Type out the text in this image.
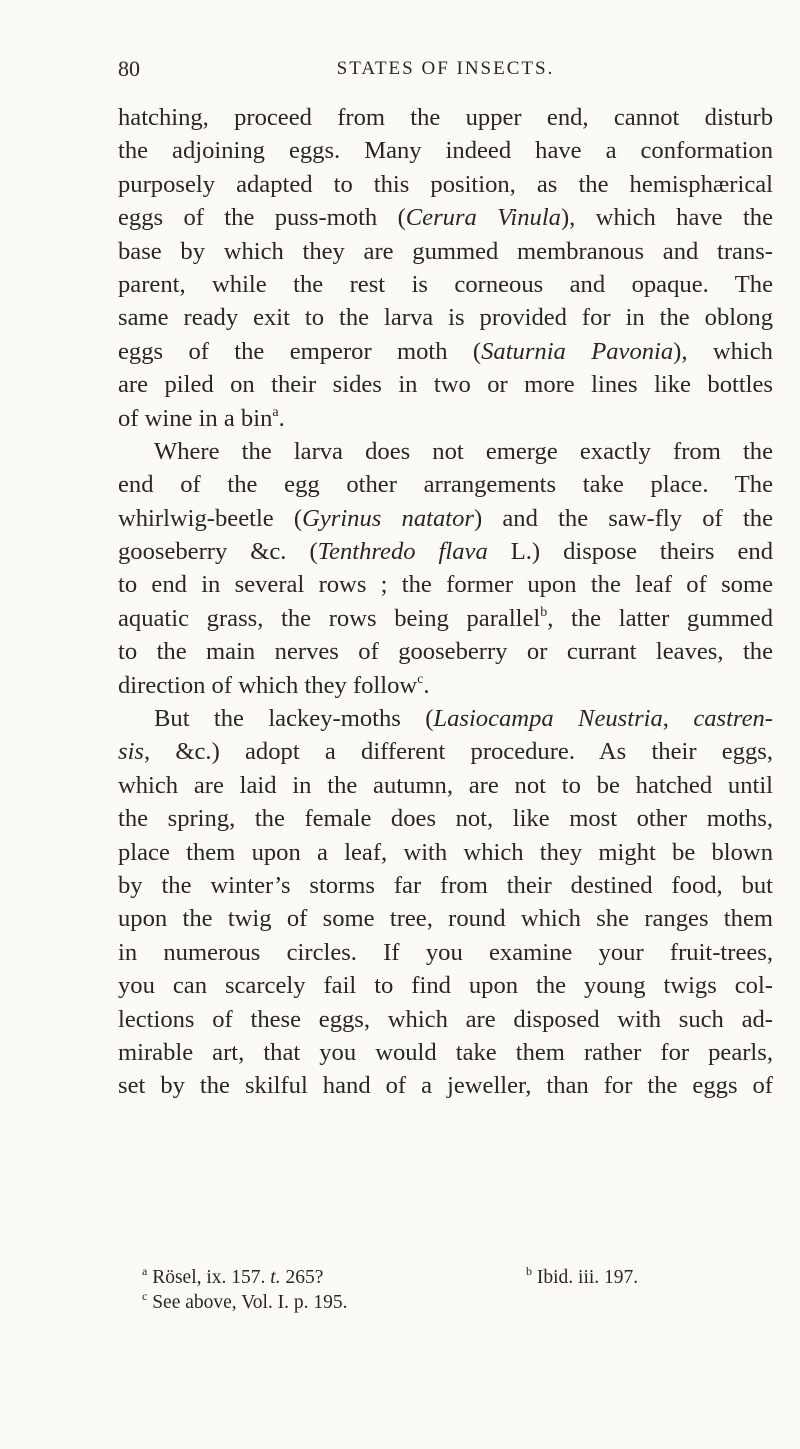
80	STATES OF INSECTS.
hatching, proceed from the upper end, cannot disturb
the adjoining eggs. Many indeed have a conformation
purposely adapted to this position, as the hemisphærical
eggs of the puss-moth (Cerura Vinula), which have the
base by which they are gummed membranous and trans-
parent, while the rest is corneous and opaque. The
same ready exit to the larva is provided for in the oblong
eggs of the emperor moth (Saturnia Pavonia), which
are piled on their sides in two or more lines like bottles
of wine in a bin$^a$.
Where the larva does not emerge exactly from the
end of the egg other arrangements take place. The
whirlwig-beetle (Gyrinus natator) and the saw-fly of the
gooseberry &c. (Tenthredo flava L.) dispose theirs end
to end in several rows ; the former upon the leaf of some
aquatic grass, the rows being parallel$^b$, the latter gummed
to the main nerves of gooseberry or currant leaves, the
direction of which they follow$^c$.
But the lackey-moths (Lasiocampa Neustria, castren-
sis, &c.) adopt a different procedure. As their eggs,
which are laid in the autumn, are not to be hatched until
the spring, the female does not, like most other moths,
place them upon a leaf, with which they might be blown
by the winter’s storms far from their destined food, but
upon the twig of some tree, round which she ranges them
in numerous circles. If you examine your fruit-trees,
you can scarcely fail to find upon the young twigs col-
lections of these eggs, which are disposed with such ad-
mirable art, that you would take them rather for pearls,
set by the skilful hand of a jeweller, than for the eggs of
$^a$ Rösel, ix. 157. t. 265?	$^b$ Ibid. iii. 197.
$^c$ See above, Vol. I. p. 195.
